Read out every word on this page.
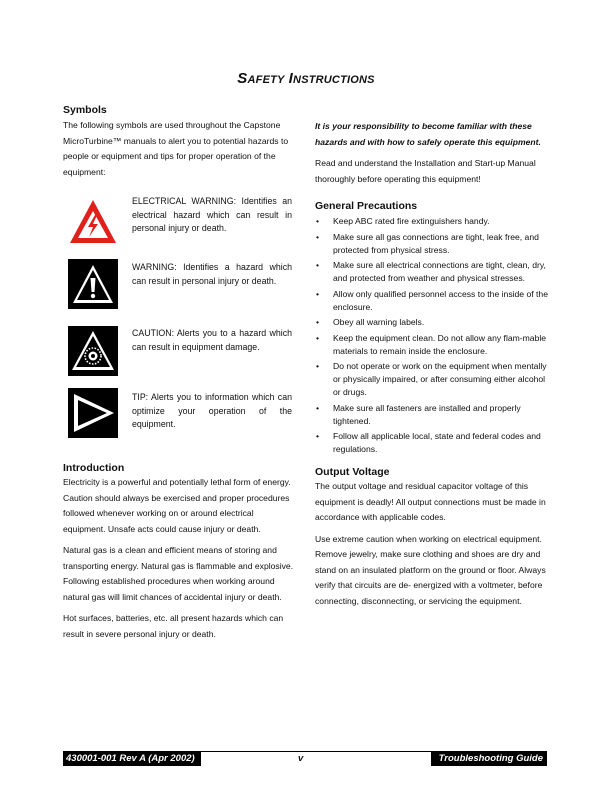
SAFETY INSTRUCTIONS
Symbols

The following symbols are used throughout the Capstone MicroTurbine™ manuals to alert you to potential hazards to people or equipment and tips for proper operation of the equipment:

ELECTRICAL WARNING: Identifies an electrical hazard which can result in personal injury or death.
WARNING: Identifies a hazard which can result in personal injury or death.
CAUTION: Alerts you to a hazard which can result in equipment damage.
TIP: Alerts you to information which can optimize your operation of the equipment.
Introduction

Electricity is a powerful and potentially lethal form of energy. Caution should always be exercised and proper procedures followed whenever working on or around electrical equipment. Unsafe acts could cause injury or death.

Natural gas is a clean and efficient means of storing and transporting energy. Natural gas is flammable and explosive. Following established procedures when working around natural gas will limit chances of accidental injury or death.

Hot surfaces, batteries, etc. all present hazards which can result in severe personal injury or death.

It is your responsibility to become familiar with these hazards and with how to safely operate this equipment.

Read and understand the Installation and Start-up Manual thoroughly before operating this equipment!

General Precautions
• Keep ABC rated fire extinguishers handy.
• Make sure all gas connections are tight, leak free, and protected from physical stress.
• Make sure all electrical connections are tight, clean, dry, and protected from weather and physical stresses.
• Allow only qualified personnel access to the inside of the enclosure.
• Obey all warning labels.
• Keep the equipment clean. Do not allow any flam-mable materials to remain inside the enclosure.
• Do not operate or work on the equipment when mentally or physically impaired, or after consuming either alcohol or drugs.
• Make sure all fasteners are installed and properly tightened.
• Follow all applicable local, state and federal codes and regulations.
Output Voltage

The output voltage and residual capacitor voltage of this equipment is deadly! All output connections must be made in accordance with applicable codes.

Use extreme caution when working on electrical equipment. Remove jewelry, make sure clothing and shoes are dry and stand on an insulated platform on the ground or floor. Always verify that circuits are de- energized with a voltmeter, before connecting, disconnecting, or servicing the equipment.

430001-001 Rev A (Apr 2002)	v	Troubleshooting Guide
